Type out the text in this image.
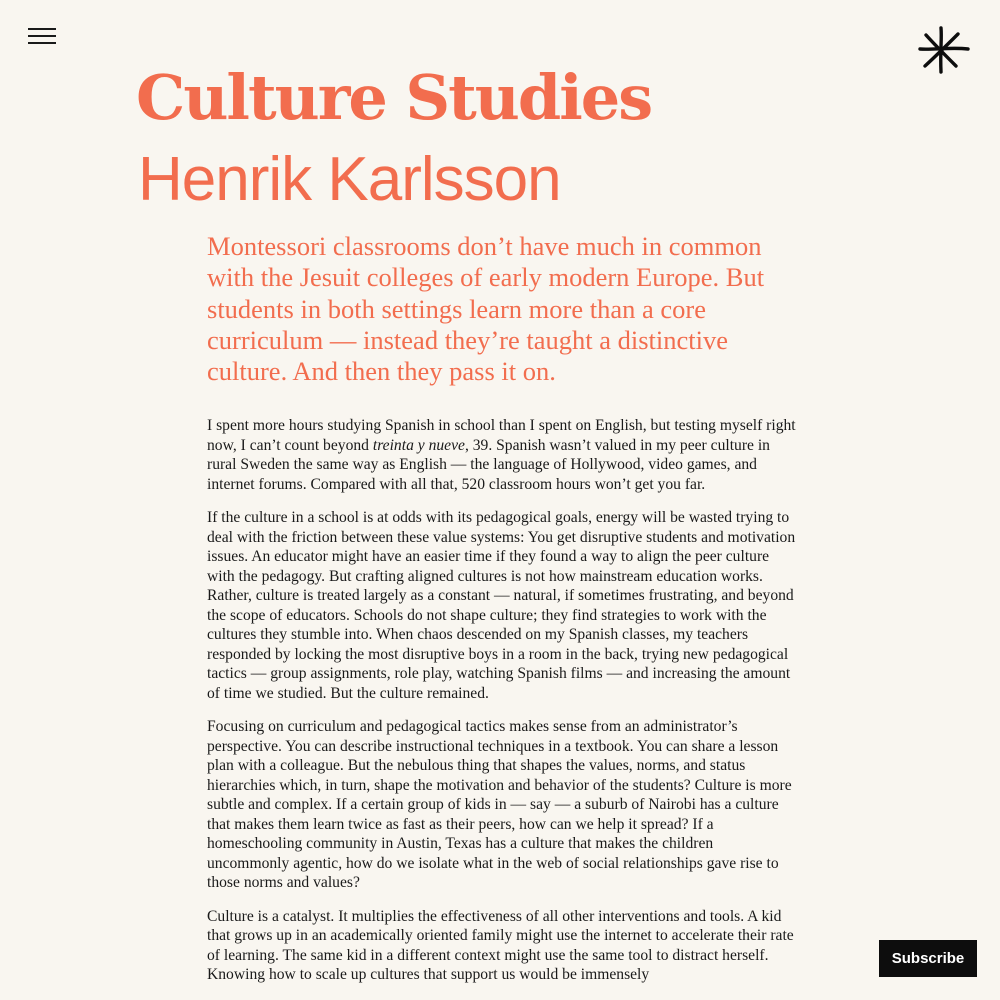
Culture Studies
Henrik Karlsson

Montessori classrooms don’t have much in common with the Jesuit colleges of early modern Europe. But students in both settings learn more than a core curriculum — instead they’re taught a distinctive culture. And then they pass it on.

I spent more hours studying Spanish in school than I spent on English, but testing myself right now, I can’t count beyond treinta y nueve, 39. Spanish wasn’t valued in my peer culture in rural Sweden the same way as English — the language of Hollywood, video games, and internet forums. Compared with all that, 520 classroom hours won’t get you far.

If the culture in a school is at odds with its pedagogical goals, energy will be wasted trying to deal with the friction between these value systems: You get disruptive students and motivation issues. An educator might have an easier time if they found a way to align the peer culture with the pedagogy. But crafting aligned cultures is not how mainstream education works. Rather, culture is treated largely as a constant — natural, if sometimes frustrating, and beyond the scope of educators. Schools do not shape culture; they find strategies to work with the cultures they stumble into. When chaos descended on my Spanish classes, my teachers responded by locking the most disruptive boys in a room in the back, trying new pedagogical tactics — group assignments, role play, watching Spanish films — and increasing the amount of time we studied. But the culture remained.

Focusing on curriculum and pedagogical tactics makes sense from an administrator’s perspective. You can describe instructional techniques in a textbook. You can share a lesson plan with a colleague. But the nebulous thing that shapes the values, norms, and status hierarchies which, in turn, shape the motivation and behavior of the students? Culture is more subtle and complex. If a certain group of kids in — say — a suburb of Nairobi has a culture that makes them learn twice as fast as their peers, how can we help it spread? If a homeschooling community in Austin, Texas has a culture that makes the children uncommonly agentic, how do we isolate what in the web of social relationships gave rise to those norms and values?

Culture is a catalyst. It multiplies the effectiveness of all other interventions and tools. A kid that grows up in an academically oriented family might use the internet to accelerate their rate of learning. The same kid in a different context might use the same tool to distract herself. Knowing how to scale up cultures that support us would be immensely

Subscribe
